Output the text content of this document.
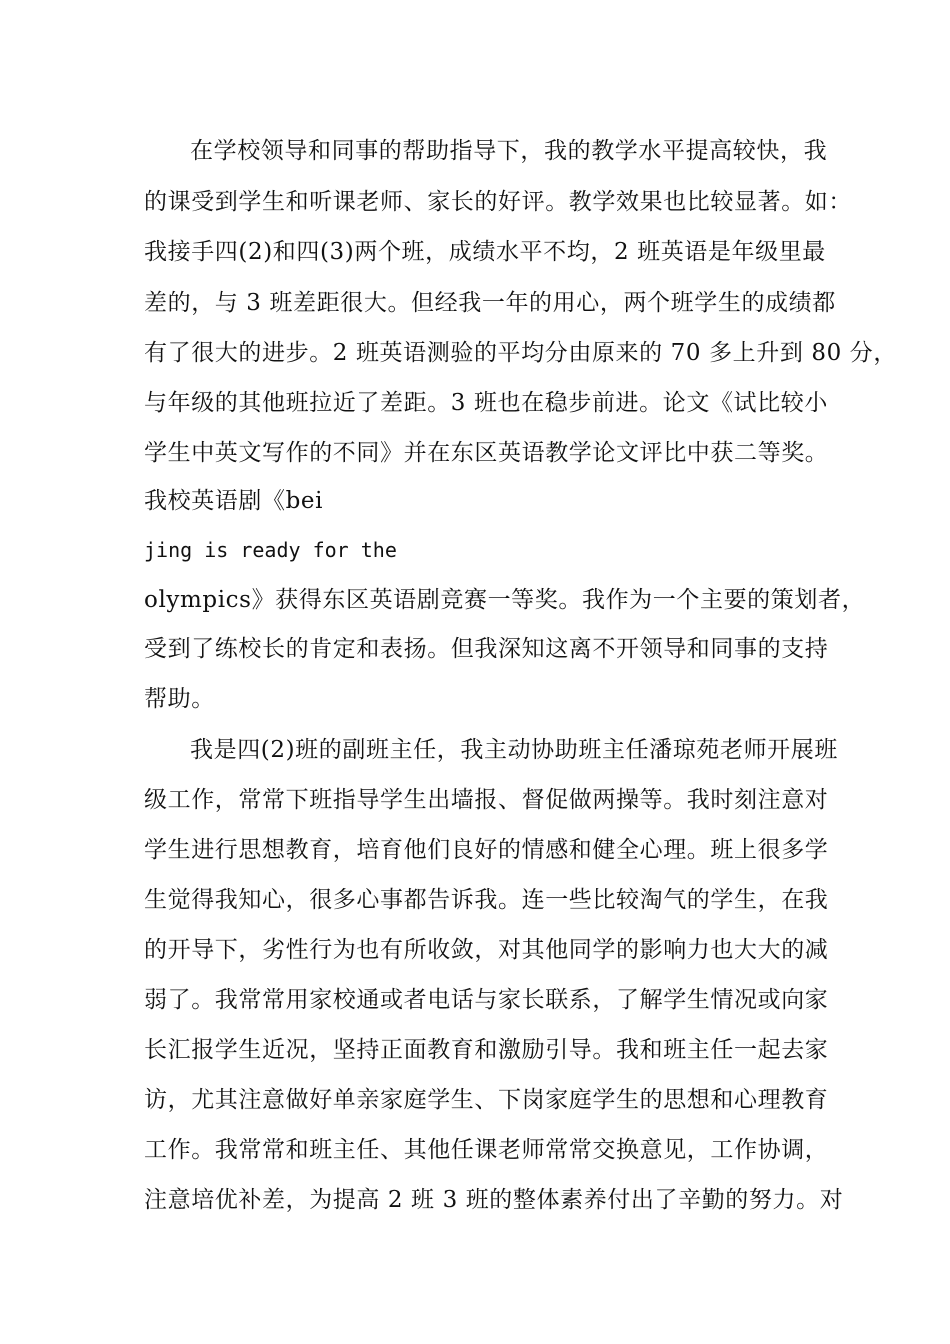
在学校领导和同事的帮助指导下，我的教学水平提高较快，我
的课受到学生和听课老师、家长的好评。教学效果也比较显著。如：
我接手四(2)和四(3)两个班，成绩水平不均，2 班英语是年级里最
差的，与 3 班差距很大。但经我一年的用心，两个班学生的成绩都
有了很大的进步。2 班英语测验的平均分由原来的 70 多上升到 80 分，
与年级的其他班拉近了差距。3 班也在稳步前进。论文《试比较小
学生中英文写作的不同》并在东区英语教学论文评比中获二等奖。
我校英语剧《bei
jing is ready for the
olympics》获得东区英语剧竞赛一等奖。我作为一个主要的策划者，
受到了练校长的肯定和表扬。但我深知这离不开领导和同事的支持
帮助。
我是四(2)班的副班主任，我主动协助班主任潘琼苑老师开展班
级工作，常常下班指导学生出墙报、督促做两操等。我时刻注意对
学生进行思想教育，培育他们良好的情感和健全心理。班上很多学
生觉得我知心，很多心事都告诉我。连一些比较淘气的学生，在我
的开导下，劣性行为也有所收敛，对其他同学的影响力也大大的减
弱了。我常常用家校通或者电话与家长联系，了解学生情况或向家
长汇报学生近况，坚持正面教育和激励引导。我和班主任一起去家
访，尤其注意做好单亲家庭学生、下岗家庭学生的思想和心理教育
工作。我常常和班主任、其他任课老师常常交换意见，工作协调，
注意培优补差，为提高 2 班 3 班的整体素养付出了辛勤的努力。对
